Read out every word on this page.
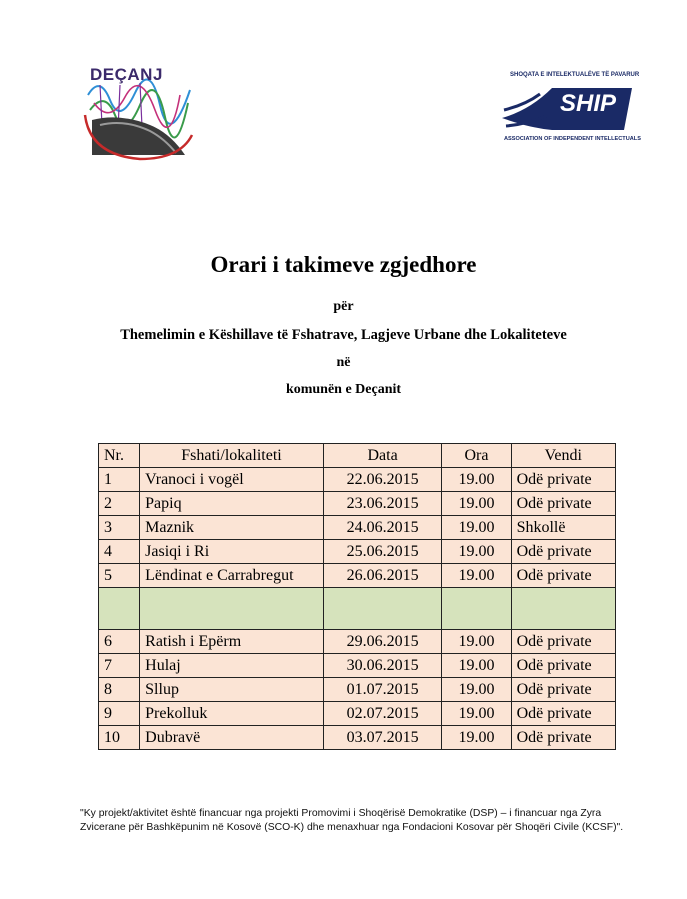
DEÇANJ	SHOQATA E INTELEKTUALËVE TË PAVARUR
SHIP
ASSOCIATION OF INDEPENDENT INTELLECTUALS
Orari i takimeve zgjedhore
për
Themelimin e Këshillave të Fshatrave, Lagjeve Urbane dhe Lokaliteteve
në
komunën e Deçanit
Nr.	Fshati/lokaliteti	Data	Ora	Vendi
1	Vranoci i vogël	22.06.2015	19.00	Odë private
2	Papiq	23.06.2015	19.00	Odë private
3	Maznik	24.06.2015	19.00	Shkollë
4	Jasiqi i Ri	25.06.2015	19.00	Odë private
5	Lëndinat e Carrabregut	26.06.2015	19.00	Odë private

6	Ratish i Epërm	29.06.2015	19.00	Odë private
7	Hulaj	30.06.2015	19.00	Odë private
8	Sllup	01.07.2015	19.00	Odë private
9	Prekolluk	02.07.2015	19.00	Odë private
10	Dubravë	03.07.2015	19.00	Odë private
"Ky projekt/aktivitet është financuar nga projekti Promovimi i Shoqërisë Demokratike (DSP) – i financuar nga Zyra Zvicerane për Bashkëpunim në Kosovë (SCO-K) dhe menaxhuar nga Fondacioni Kosovar për Shoqëri Civile (KCSF)".
